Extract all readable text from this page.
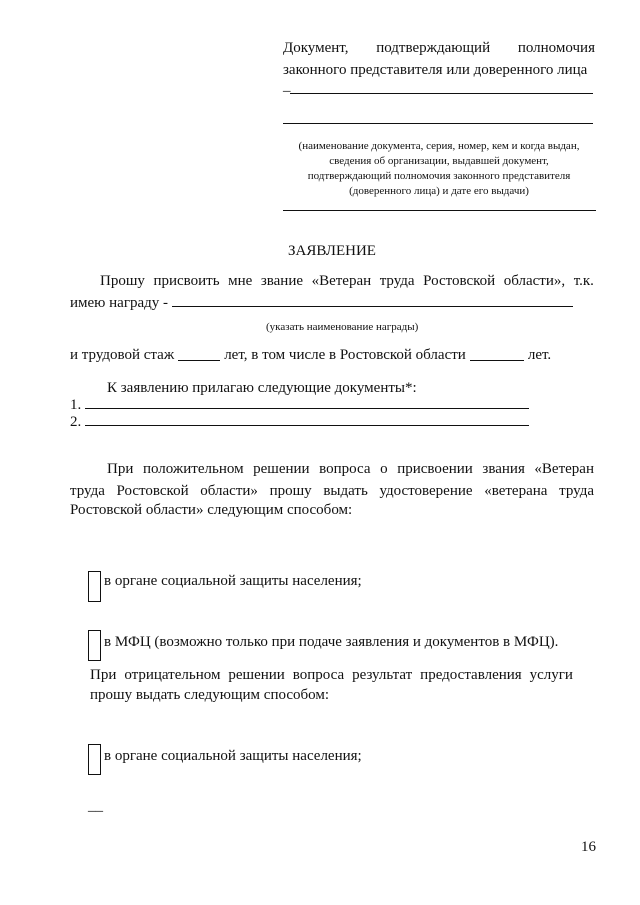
Документ, подтверждающий полномочия
законного представителя или доверенного лица
_
(наименование документа, серия, номер, кем и когда выдан,
сведения об организации, выдавшей документ,
подтверждающий полномочия законного представителя
(доверенного лица) и дате его выдачи)
ЗАЯВЛЕНИЕ
Прошу присвоить мне звание «Ветеран труда Ростовской области», т.к.
имею награду -
(указать наименование награды)
и трудовой стаж	лет, в том числе в Ростовской области	лет.
К заявлению прилагаю следующие документы*:
1.
2.
При положительном решении вопроса о присвоении звания «Ветеран
труда Ростовской области» прошу выдать удостоверение «ветерана труда
Ростовской области» следующим способом:
в органе социальной защиты населения;
в МФЦ (возможно только при подаче заявления и документов в МФЦ).
При отрицательном решении вопроса результат предоставления услуги
прошу выдать следующим способом:
в органе социальной защиты населения;
__
16
